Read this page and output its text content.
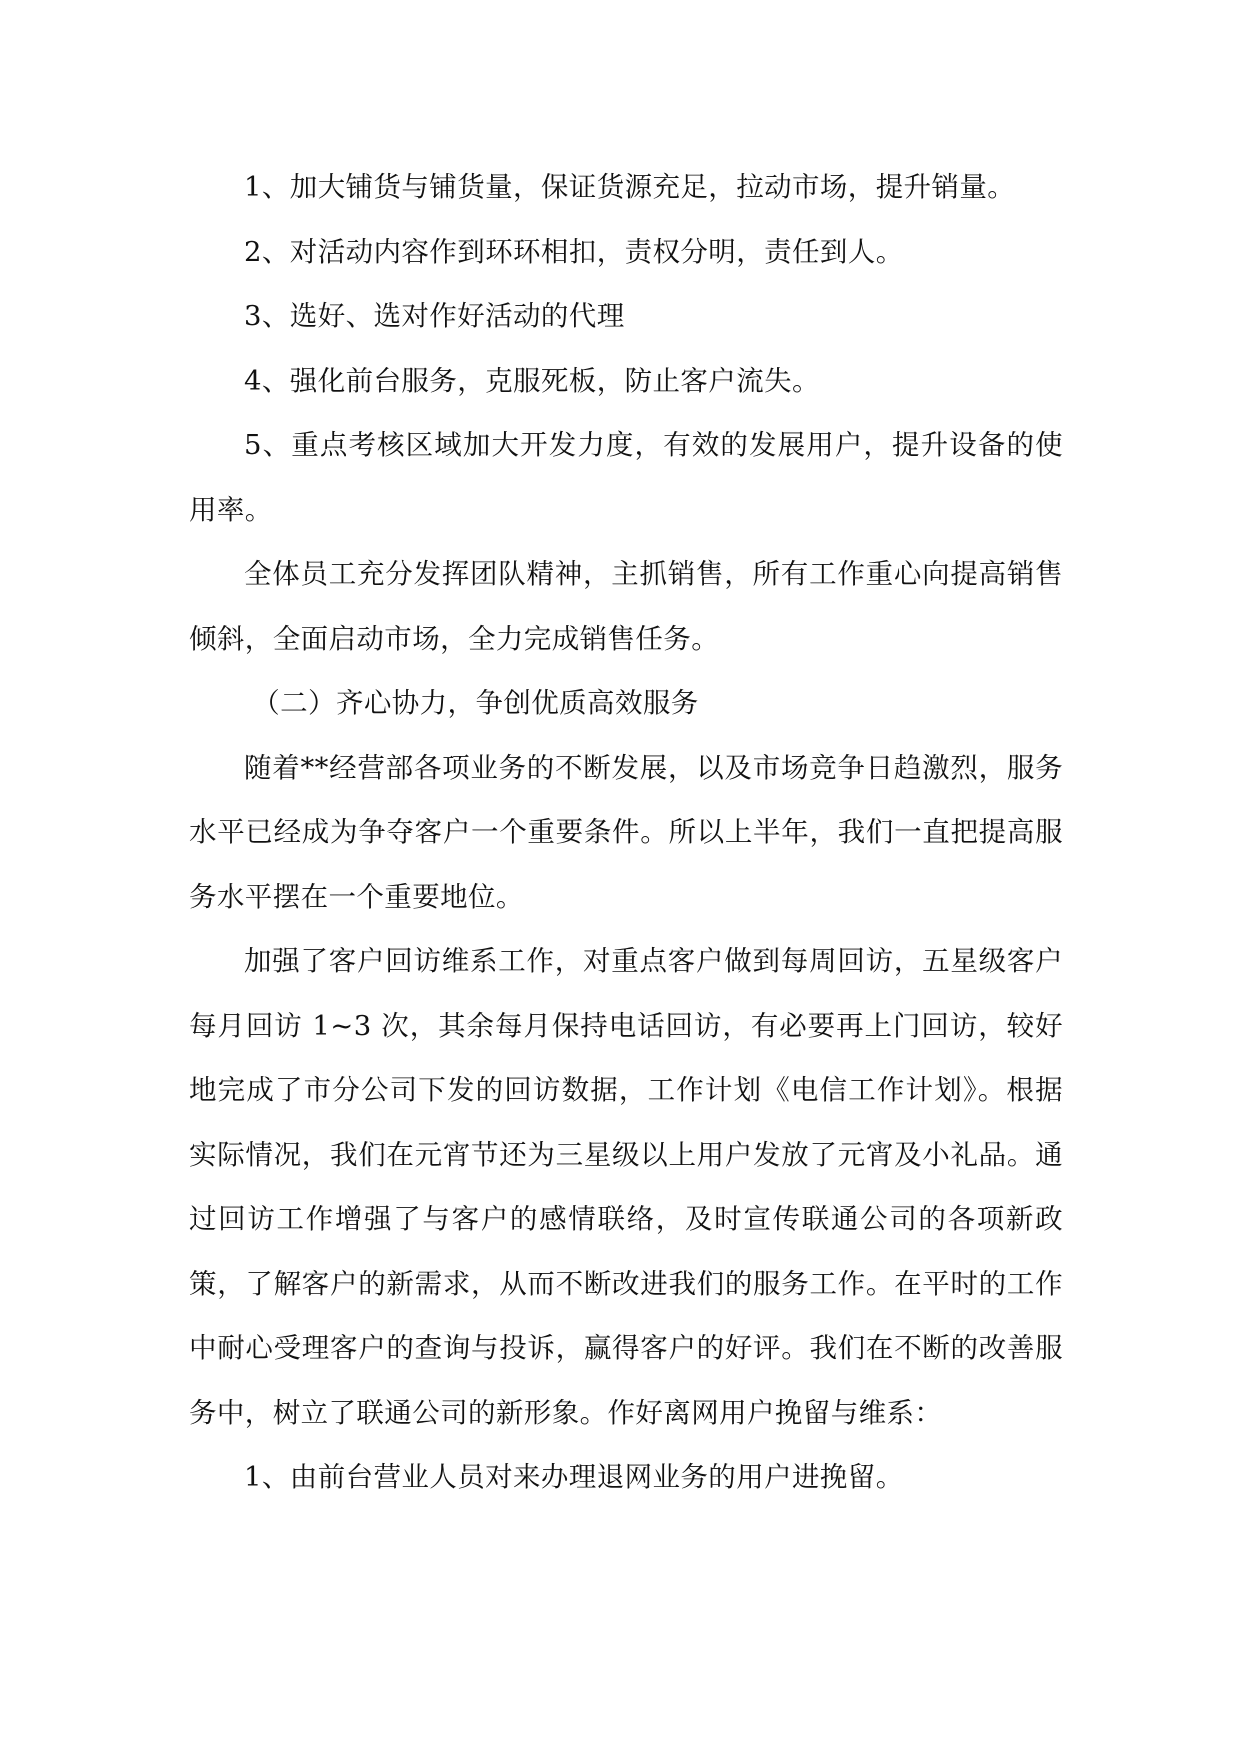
1、加大铺货与铺货量，保证货源充足，拉动市场，提升销量。

2、对活动内容作到环环相扣，责权分明，责任到人。

3、选好、选对作好活动的代理

4、强化前台服务，克服死板，防止客户流失。

5、重点考核区域加大开发力度，有效的发展用户，提升设备的使用率。

全体员工充分发挥团队精神，主抓销售，所有工作重心向提高销售倾斜，全面启动市场，全力完成销售任务。

（二）齐心协力，争创优质高效服务

随着**经营部各项业务的不断发展，以及市场竞争日趋激烈，服务水平已经成为争夺客户一个重要条件。所以上半年，我们一直把提高服务水平摆在一个重要地位。

加强了客户回访维系工作，对重点客户做到每周回访，五星级客户每月回访 1~3 次，其余每月保持电话回访，有必要再上门回访，较好地完成了市分公司下发的回访数据，工作计划《电信工作计划》。根据实际情况，我们在元宵节还为三星级以上用户发放了元宵及小礼品。通过回访工作增强了与客户的感情联络，及时宣传联通公司的各项新政策，了解客户的新需求，从而不断改进我们的服务工作。在平时的工作中耐心受理客户的查询与投诉，赢得客户的好评。我们在不断的改善服务中，树立了联通公司的新形象。作好离网用户挽留与维系：

1、由前台营业人员对来办理退网业务的用户进挽留。
